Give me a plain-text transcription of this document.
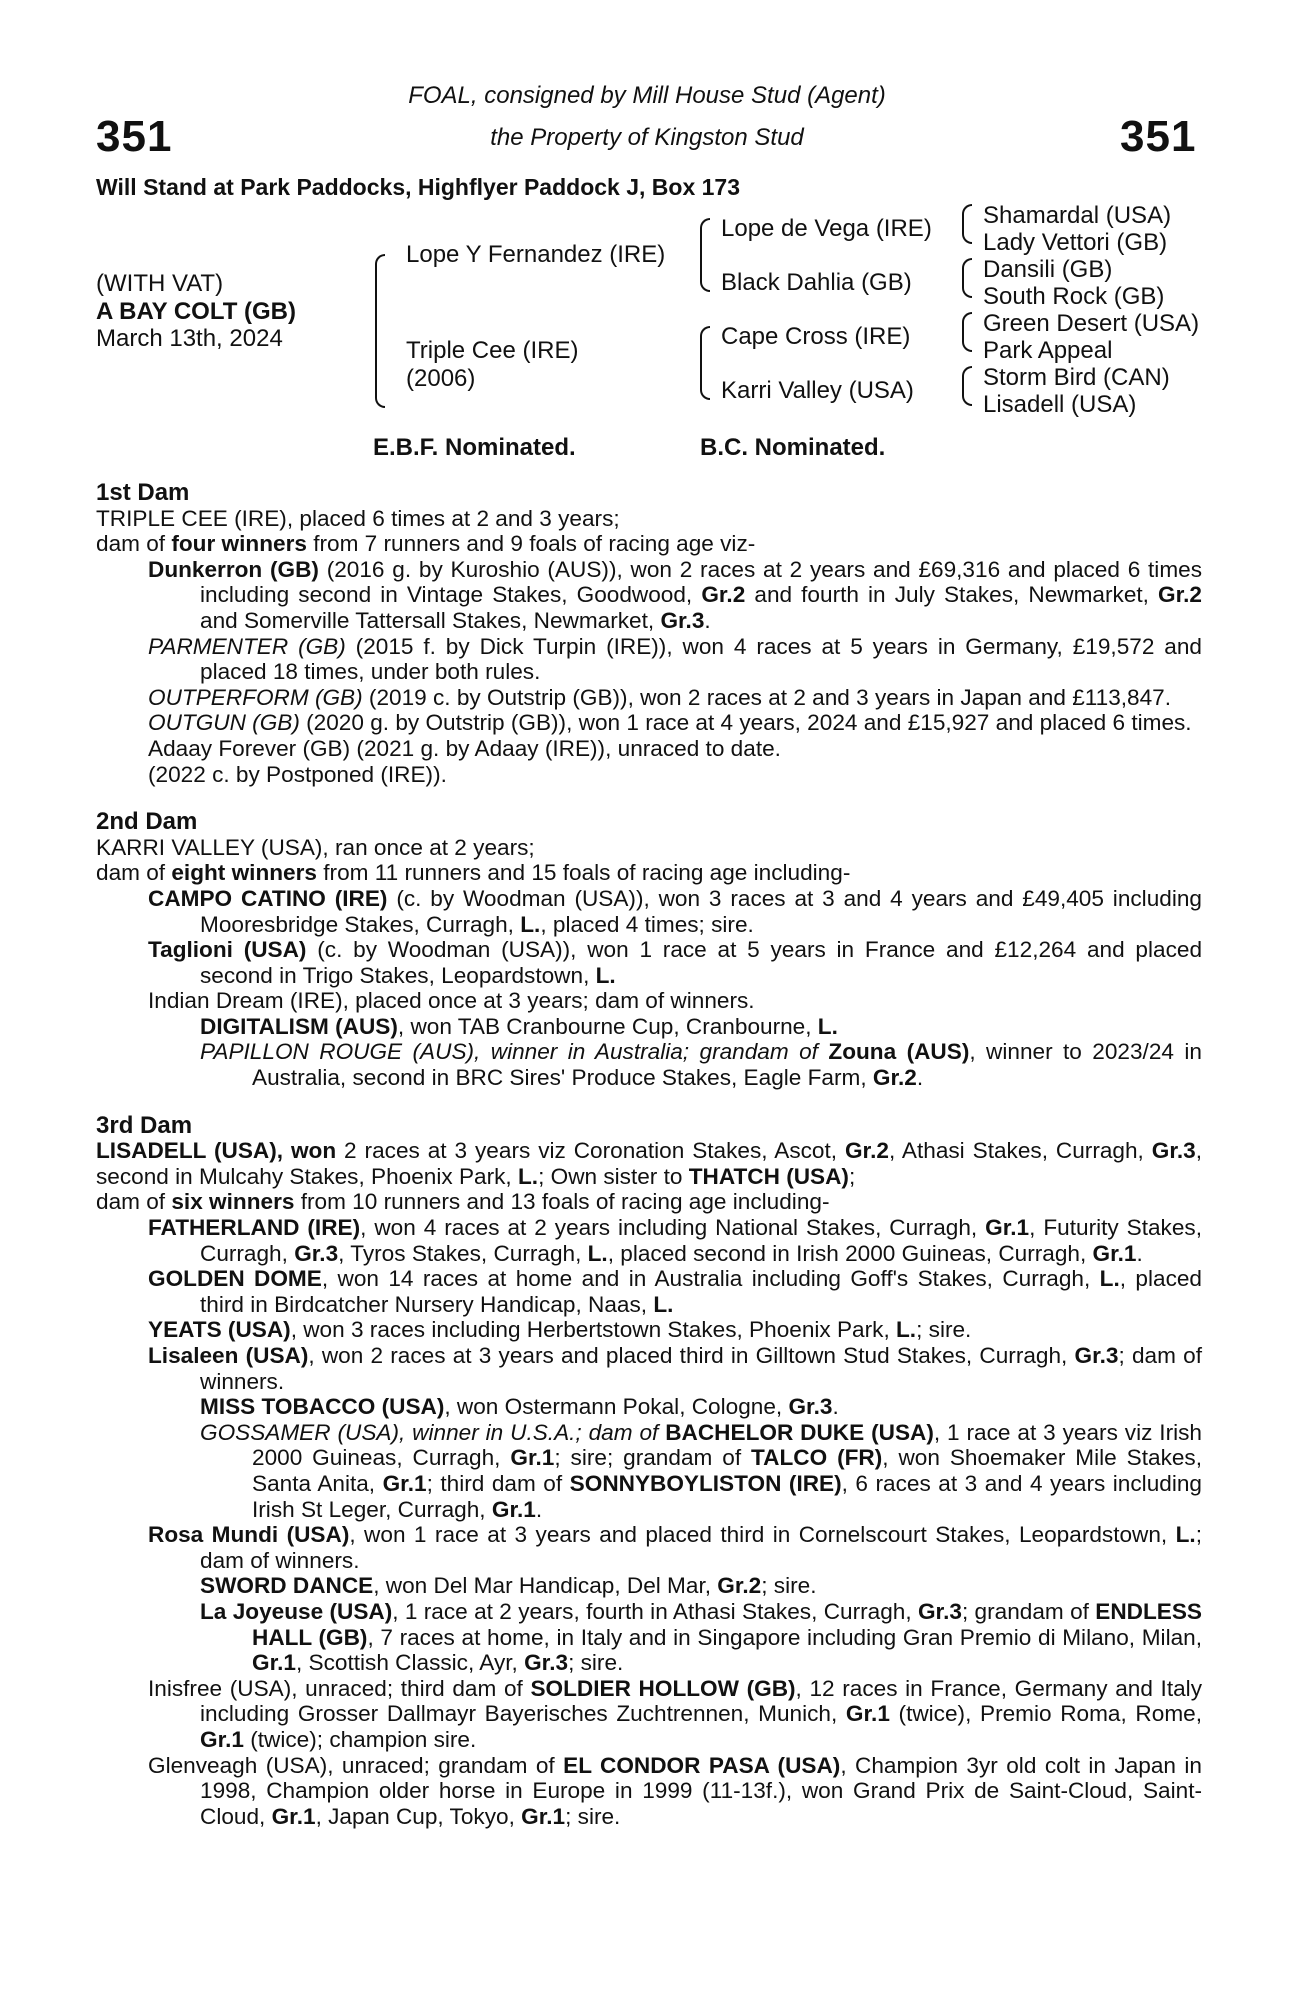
351	351
FOAL, consigned by Mill House Stud (Agent)
the Property of Kingston Stud
Will Stand at Park Paddocks, Highflyer Paddock J, Box 173
(WITH VAT)
A BAY COLT (GB)
March 13th, 2024
Lope Y Fernandez (IRE)
Triple Cee (IRE)
(2006)
Lope de Vega (IRE)
Black Dahlia (GB)
Cape Cross (IRE)
Karri Valley (USA)
Shamardal (USA)
Lady Vettori (GB)
Dansili (GB)
South Rock (GB)
Green Desert (USA)
Park Appeal
Storm Bird (CAN)
Lisadell (USA)
E.B.F. Nominated.	B.C. Nominated.
1st Dam
TRIPLE CEE (IRE), placed 6 times at 2 and 3 years;
dam of four winners from 7 runners and 9 foals of racing age viz-
Dunkerron (GB) (2016 g. by Kuroshio (AUS)), won 2 races at 2 years and £69,316 and placed 6 times including second in Vintage Stakes, Goodwood, Gr.2 and fourth in July Stakes, Newmarket, Gr.2 and Somerville Tattersall Stakes, Newmarket, Gr.3.
PARMENTER (GB) (2015 f. by Dick Turpin (IRE)), won 4 races at 5 years in Germany, £19,572 and placed 18 times, under both rules.
OUTPERFORM (GB) (2019 c. by Outstrip (GB)), won 2 races at 2 and 3 years in Japan and £113,847.
OUTGUN (GB) (2020 g. by Outstrip (GB)), won 1 race at 4 years, 2024 and £15,927 and placed 6 times.
Adaay Forever (GB) (2021 g. by Adaay (IRE)), unraced to date.
(2022 c. by Postponed (IRE)).
2nd Dam
KARRI VALLEY (USA), ran once at 2 years;
dam of eight winners from 11 runners and 15 foals of racing age including-
CAMPO CATINO (IRE) (c. by Woodman (USA)), won 3 races at 3 and 4 years and £49,405 including Mooresbridge Stakes, Curragh, L., placed 4 times; sire.
Taglioni (USA) (c. by Woodman (USA)), won 1 race at 5 years in France and £12,264 and placed second in Trigo Stakes, Leopardstown, L.
Indian Dream (IRE), placed once at 3 years; dam of winners.
DIGITALISM (AUS), won TAB Cranbourne Cup, Cranbourne, L.
PAPILLON ROUGE (AUS), winner in Australia; grandam of Zouna (AUS), winner to 2023/24 in Australia, second in BRC Sires' Produce Stakes, Eagle Farm, Gr.2.
3rd Dam
LISADELL (USA), won 2 races at 3 years viz Coronation Stakes, Ascot, Gr.2, Athasi Stakes, Curragh, Gr.3, second in Mulcahy Stakes, Phoenix Park, L.; Own sister to THATCH (USA);
dam of six winners from 10 runners and 13 foals of racing age including-
FATHERLAND (IRE), won 4 races at 2 years including National Stakes, Curragh, Gr.1, Futurity Stakes, Curragh, Gr.3, Tyros Stakes, Curragh, L., placed second in Irish 2000 Guineas, Curragh, Gr.1.
GOLDEN DOME, won 14 races at home and in Australia including Goff's Stakes, Curragh, L., placed third in Birdcatcher Nursery Handicap, Naas, L.
YEATS (USA), won 3 races including Herbertstown Stakes, Phoenix Park, L.; sire.
Lisaleen (USA), won 2 races at 3 years and placed third in Gilltown Stud Stakes, Curragh, Gr.3; dam of winners.
MISS TOBACCO (USA), won Ostermann Pokal, Cologne, Gr.3.
GOSSAMER (USA), winner in U.S.A.; dam of BACHELOR DUKE (USA), 1 race at 3 years viz Irish 2000 Guineas, Curragh, Gr.1; sire; grandam of TALCO (FR), won Shoemaker Mile Stakes, Santa Anita, Gr.1; third dam of SONNYBOYLISTON (IRE), 6 races at 3 and 4 years including Irish St Leger, Curragh, Gr.1.
Rosa Mundi (USA), won 1 race at 3 years and placed third in Cornelscourt Stakes, Leopardstown, L.; dam of winners.
SWORD DANCE, won Del Mar Handicap, Del Mar, Gr.2; sire.
La Joyeuse (USA), 1 race at 2 years, fourth in Athasi Stakes, Curragh, Gr.3; grandam of ENDLESS HALL (GB), 7 races at home, in Italy and in Singapore including Gran Premio di Milano, Milan, Gr.1, Scottish Classic, Ayr, Gr.3; sire.
Inisfree (USA), unraced; third dam of SOLDIER HOLLOW (GB), 12 races in France, Germany and Italy including Grosser Dallmayr Bayerisches Zuchtrennen, Munich, Gr.1 (twice), Premio Roma, Rome, Gr.1 (twice); champion sire.
Glenveagh (USA), unraced; grandam of EL CONDOR PASA (USA), Champion 3yr old colt in Japan in 1998, Champion older horse in Europe in 1999 (11-13f.), won Grand Prix de Saint-Cloud, Saint-Cloud, Gr.1, Japan Cup, Tokyo, Gr.1; sire.
